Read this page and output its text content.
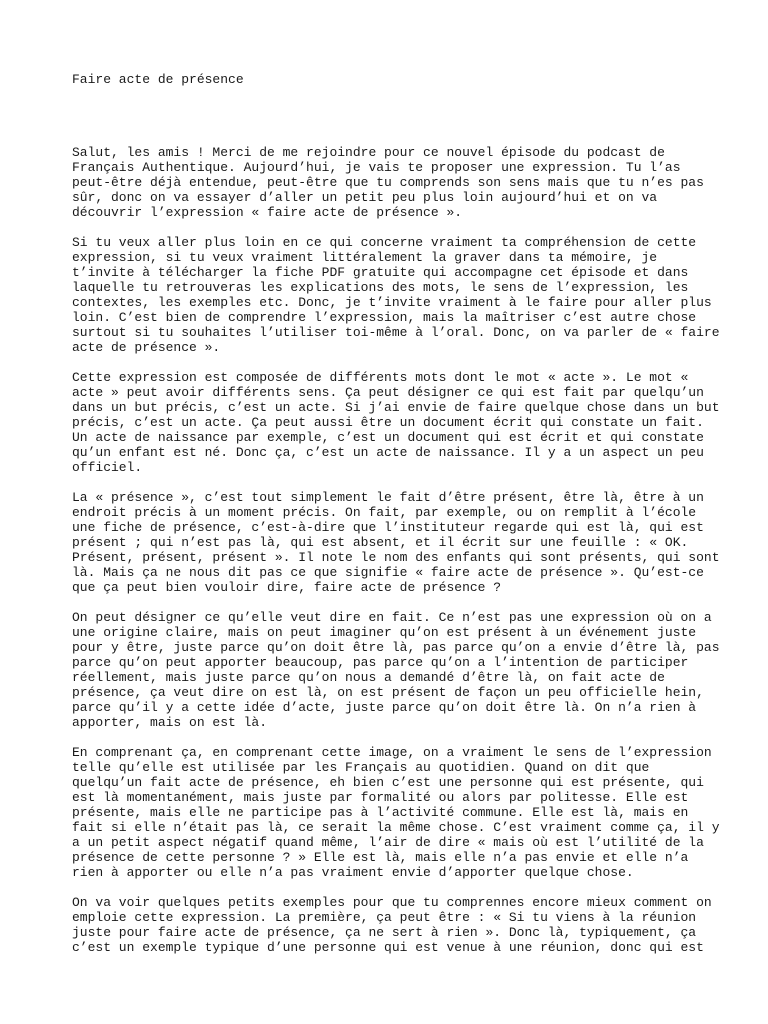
Faire acte de présence

Salut, les amis ! Merci de me rejoindre pour ce nouvel épisode du podcast de
Français Authentique. Aujourd’hui, je vais te proposer une expression. Tu l’as
peut-être déjà entendue, peut-être que tu comprends son sens mais que tu n’es pas
sûr, donc on va essayer d’aller un petit peu plus loin aujourd’hui et on va
découvrir l’expression « faire acte de présence ».

Si tu veux aller plus loin en ce qui concerne vraiment ta compréhension de cette
expression, si tu veux vraiment littéralement la graver dans ta mémoire, je
t’invite à télécharger la fiche PDF gratuite qui accompagne cet épisode et dans
laquelle tu retrouveras les explications des mots, le sens de l’expression, les
contextes, les exemples etc. Donc, je t’invite vraiment à le faire pour aller plus
loin. C’est bien de comprendre l’expression, mais la maîtriser c’est autre chose
surtout si tu souhaites l’utiliser toi-même à l’oral. Donc, on va parler de « faire
acte de présence ».

Cette expression est composée de différents mots dont le mot « acte ». Le mot «
acte » peut avoir différents sens. Ça peut désigner ce qui est fait par quelqu’un
dans un but précis, c’est un acte. Si j’ai envie de faire quelque chose dans un but
précis, c’est un acte. Ça peut aussi être un document écrit qui constate un fait.
Un acte de naissance par exemple, c’est un document qui est écrit et qui constate
qu’un enfant est né. Donc ça, c’est un acte de naissance. Il y a un aspect un peu
officiel.

La « présence », c’est tout simplement le fait d’être présent, être là, être à un
endroit précis à un moment précis. On fait, par exemple, ou on remplit à l’école
une fiche de présence, c’est-à-dire que l’instituteur regarde qui est là, qui est
présent ; qui n’est pas là, qui est absent, et il écrit sur une feuille : « OK.
Présent, présent, présent ». Il note le nom des enfants qui sont présents, qui sont
là. Mais ça ne nous dit pas ce que signifie « faire acte de présence ». Qu’est-ce
que ça peut bien vouloir dire, faire acte de présence ?

On peut désigner ce qu’elle veut dire en fait. Ce n’est pas une expression où on a
une origine claire, mais on peut imaginer qu’on est présent à un événement juste
pour y être, juste parce qu’on doit être là, pas parce qu’on a envie d’être là, pas
parce qu’on peut apporter beaucoup, pas parce qu’on a l’intention de participer
réellement, mais juste parce qu’on nous a demandé d’être là, on fait acte de
présence, ça veut dire on est là, on est présent de façon un peu officielle hein,
parce qu’il y a cette idée d’acte, juste parce qu’on doit être là. On n’a rien à
apporter, mais on est là.

En comprenant ça, en comprenant cette image, on a vraiment le sens de l’expression
telle qu’elle est utilisée par les Français au quotidien. Quand on dit que
quelqu’un fait acte de présence, eh bien c’est une personne qui est présente, qui
est là momentanément, mais juste par formalité ou alors par politesse. Elle est
présente, mais elle ne participe pas à l’activité commune. Elle est là, mais en
fait si elle n’était pas là, ce serait la même chose. C’est vraiment comme ça, il y
a un petit aspect négatif quand même, l’air de dire « mais où est l’utilité de la
présence de cette personne ? » Elle est là, mais elle n’a pas envie et elle n’a
rien à apporter ou elle n’a pas vraiment envie d’apporter quelque chose.

On va voir quelques petits exemples pour que tu comprennes encore mieux comment on
emploie cette expression. La première, ça peut être : « Si tu viens à la réunion
juste pour faire acte de présence, ça ne sert à rien ». Donc là, typiquement, ça
c’est un exemple typique d’une personne qui est venue à une réunion, donc qui est
